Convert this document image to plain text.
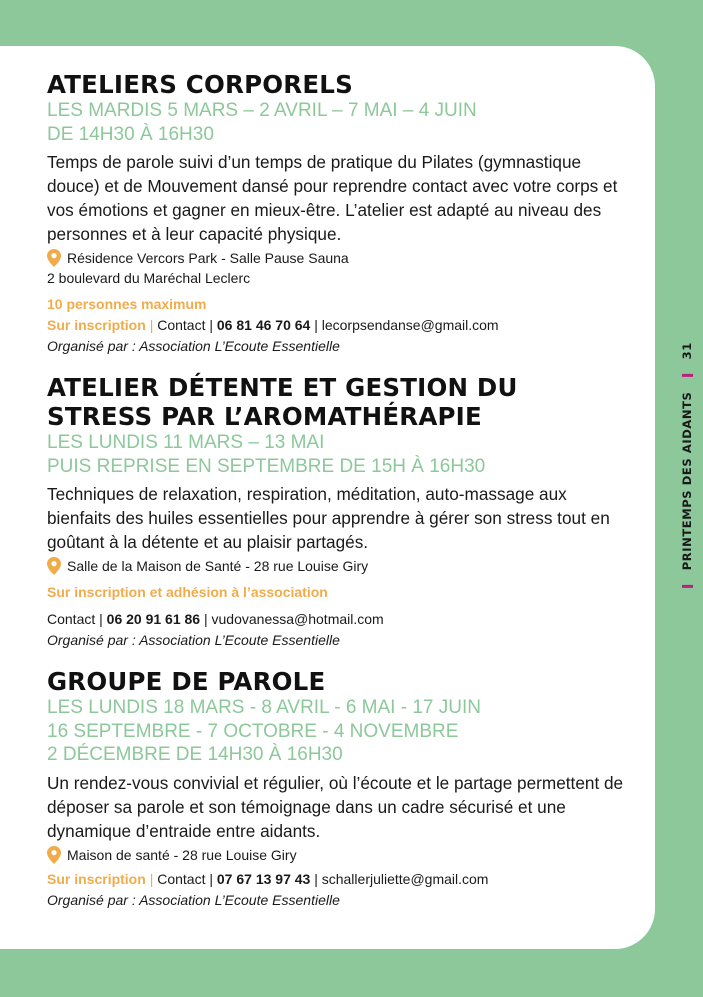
ATELIERS CORPORELS
LES MARDIS 5 MARS – 2 AVRIL – 7 MAI – 4 JUIN
DE 14H30 À 16H30

Temps de parole suivi d’un temps de pratique du Pilates (gymnastique douce) et de Mouvement dansé pour reprendre contact avec votre corps et vos émotions et gagner en mieux-être. L’atelier est adapté au niveau des personnes et à leur capacité physique.

Résidence Vercors Park - Salle Pause Sauna
2 boulevard du Maréchal Leclerc
10 personnes maximum
Sur inscription | Contact | 06 81 46 70 64 | lecorpsendanse@gmail.com
Organisé par : Association L’Ecoute Essentielle
ATELIER DÉTENTE ET GESTION DU STRESS PAR L’AROMATHÉRAPIE
LES LUNDIS 11 MARS – 13 MAI
PUIS REPRISE EN SEPTEMBRE DE 15H À 16H30

Techniques de relaxation, respiration, méditation, auto-massage aux bienfaits des huiles essentielles pour apprendre à gérer son stress tout en goûtant à la détente et au plaisir partagés.

Salle de la Maison de Santé - 28 rue Louise Giry
Sur inscription et adhésion à l’association
Contact | 06 20 91 61 86 | vudovanessa@hotmail.com
Organisé par : Association L’Ecoute Essentielle
GROUPE DE PAROLE
LES LUNDIS 18 MARS - 8 AVRIL - 6 MAI - 17 JUIN
16 SEPTEMBRE - 7 OCTOBRE - 4 NOVEMBRE
2 DÉCEMBRE DE 14H30 À 16H30

Un rendez-vous convivial et régulier, où l’écoute et le partage permettent de déposer sa parole et son témoignage dans un cadre sécurisé et une dynamique d’entraide entre aidants.

Maison de santé - 28 rue Louise Giry
Sur inscription | Contact | 07 67 13 97 43 | schallerjuliette@gmail.com
Organisé par : Association L’Ecoute Essentielle
PRINTEMPS DES AIDANTS  31
